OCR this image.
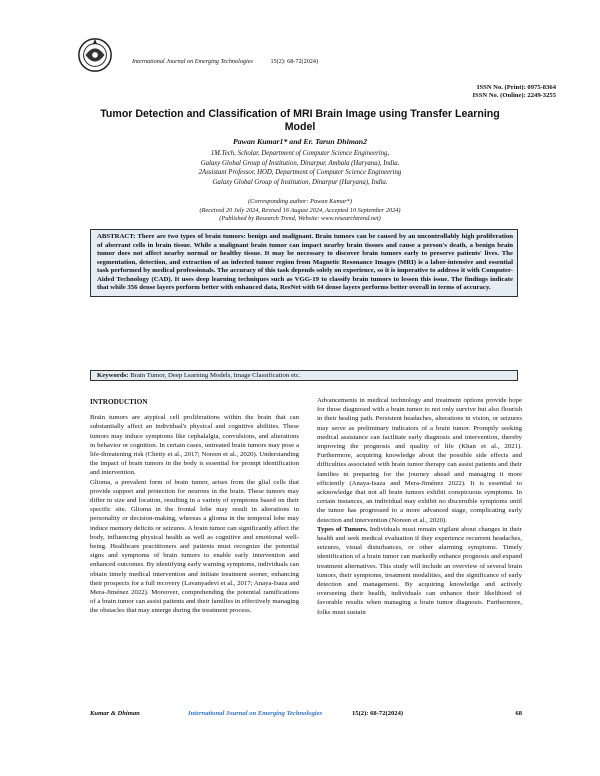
International Journal on Emerging Technologies	15(2): 68-72(2024)
ISSN No. (Print): 0975-8364
ISSN No. (Online): 2249-3255
Tumor Detection and Classification of MRI Brain Image using Transfer Learning Model
Pawan Kumar1* and Er. Tarun Dhiman2
1M.Tech, Scholar, Department of Computer Science Engineering,
Galaxy Global Group of Institution, Dinarpur, Ambala (Haryana), India.
2Assistant Professor, HOD, Department of Computer Science Engineering
Galaxy Global Group of Institution, Dinarpur (Haryana), India.
(Corresponding author: Pawan Kumar*)
(Received 20 July 2024, Revised 16 August 2024, Accepted 10 September 2024)
(Published by Research Trend, Website: www.researchtrend.net)
ABSTRACT: There are two types of brain tumors: benign and malignant. Brain tumors can be caused by an uncontrollably high proliferation of aberrant cells in brain tissue. While a malignant brain tumor can impact nearby brain tissues and cause a person's death, a benign brain tumor does not affect nearby normal or healthy tissue. It may be necessary to discover brain tumors early to preserve patients' lives. The segmentation, detection, and extraction of an infected tumor region from Magnetic Resonance Images (MRI) is a labor-intensive and essential task performed by medical professionals. The accuracy of this task depends solely on experience, so it is imperative to address it with Computer-Aided Technology (CAD). It uses deep learning techniques such as VGG-19 to classify brain tumors to lessen this issue. The findings indicate that while 356 dense layers perform better with enhanced data, ResNet with 64 dense layers performs better overall in terms of accuracy.
Keywords: Brain Tumor, Deep Learning Models, Image Classification etc.
INTRODUCTION

Brain tumors are atypical cell proliferations within the brain that can substantially affect an individual's physical and cognitive abilities. These tumors may induce symptoms like cephalalgia, convulsions, and alterations in behavior or cognition. In certain cases, untreated brain tumors may pose a life-threatening risk (Chetty et al., 2017; Noreen et al., 2020). Understanding the impact of brain tumors in the body is essential for prompt identification and intervention.

Glioma, a prevalent form of brain tumor, arises from the glial cells that provide support and protection for neurons in the brain. These tumors may differ in size and location, resulting in a variety of symptoms based on their specific site. Glioma in the frontal lobe may result in alterations in personality or decision-making, whereas a glioma in the temporal lobe may induce memory deficits or seizures. A brain tumor can significantly affect the body, influencing physical health as well as cognitive and emotional well-being. Healthcare practitioners and patients must recognize the potential signs and symptoms of brain tumors to enable early intervention and enhanced outcomes. By identifying early warning symptoms, individuals can obtain timely medical intervention and initiate treatment sooner, enhancing their prospects for a full recovery (Lavanyadevi et al., 2017; Anaya-Isaza and Mera-Jiménez 2022). Moreover, comprehending the potential ramifications of a brain tumor can assist patients and their families in effectively managing the obstacles that may emerge during the treatment process.

Advancements in medical technology and treatment options provide hope for those diagnosed with a brain tumor to not only survive but also flourish in their healing path. Persistent headaches, alterations in vision, or seizures may serve as preliminary indicators of a brain tumor. Promptly seeking medical assistance can facilitate early diagnosis and intervention, thereby improving the prognosis and quality of life (Khan et al., 2021). Furthermore, acquiring knowledge about the possible side effects and difficulties associated with brain tumor therapy can assist patients and their families in preparing for the journey ahead and managing it more efficiently (Anaya-Isaza and Mera-Jiménez 2022). It is essential to acknowledge that not all brain tumors exhibit conspicuous symptoms. In certain instances, an individual may exhibit no discernible symptoms until the tumor has progressed to a more advanced stage, complicating early detection and intervention (Noreen et al., 2020).

Types of Tumors. Individuals must remain vigilant about changes in their health and seek medical evaluation if they experience recurrent headaches, seizures, visual disturbances, or other alarming symptoms. Timely identification of a brain tumor can markedly enhance prognosis and expand treatment alternatives. This study will include an overview of several brain tumors, their symptoms, treatment modalities, and the significance of early detection and management. By acquiring knowledge and actively overseeing their health, individuals can enhance their likelihood of favorable results when managing a brain tumor diagnosis. Furthermore, folks must sustain

Kumar & Dhiman	International Journal on Emerging Technologies	15(2): 68-72(2024)	68
